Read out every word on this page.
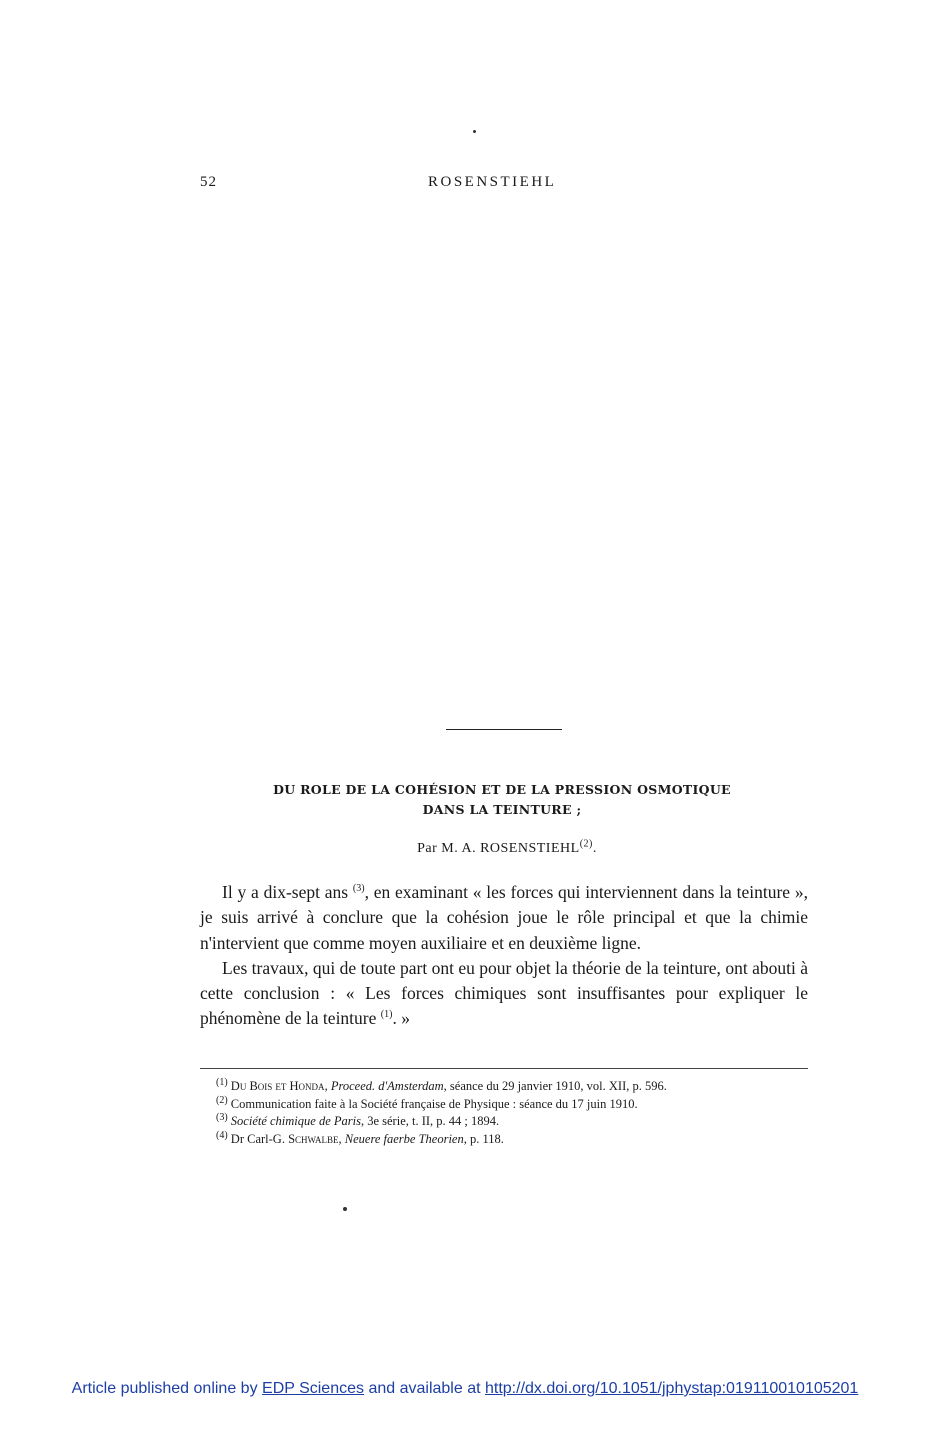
52	ROSENSTIEHL
DU ROLE DE LA COHÉSION ET DE LA PRESSION OSMOTIQUE
DANS LA TEINTURE ;
Par M. A. ROSENSTIEHL$^{(2)}$.

Il y a dix-sept ans $^{(3)}$, en examinant « les forces qui interviennent dans la teinture », je suis arrivé à conclure que la cohésion joue le rôle principal et que la chimie n'intervient que comme moyen auxiliaire et en deuxième ligne.

Les travaux, qui de toute part ont eu pour objet la théorie de la teinture, ont abouti à cette conclusion : « Les forces chimiques sont insuffisantes pour expliquer le phénomène de la teinture $^{(1)}$. »

$^{(1)}$ Du Bois et Honda, Proceed. d'Amsterdam, séance du 29 janvier 1910, vol. XII, p. 596.

$^{(2)}$ Communication faite à la Société française de Physique : séance du 17 juin 1910.

$^{(3)}$ Société chimique de Paris, 3e série, t. II, p. 44 ; 1894.

$^{(4)}$ Dr Carl-G. Schwalbe, Neuere faerbe Theorien, p. 118.

Article published online by EDP Sciences and available at http://dx.doi.org/10.1051/jphystap:019110010105201
